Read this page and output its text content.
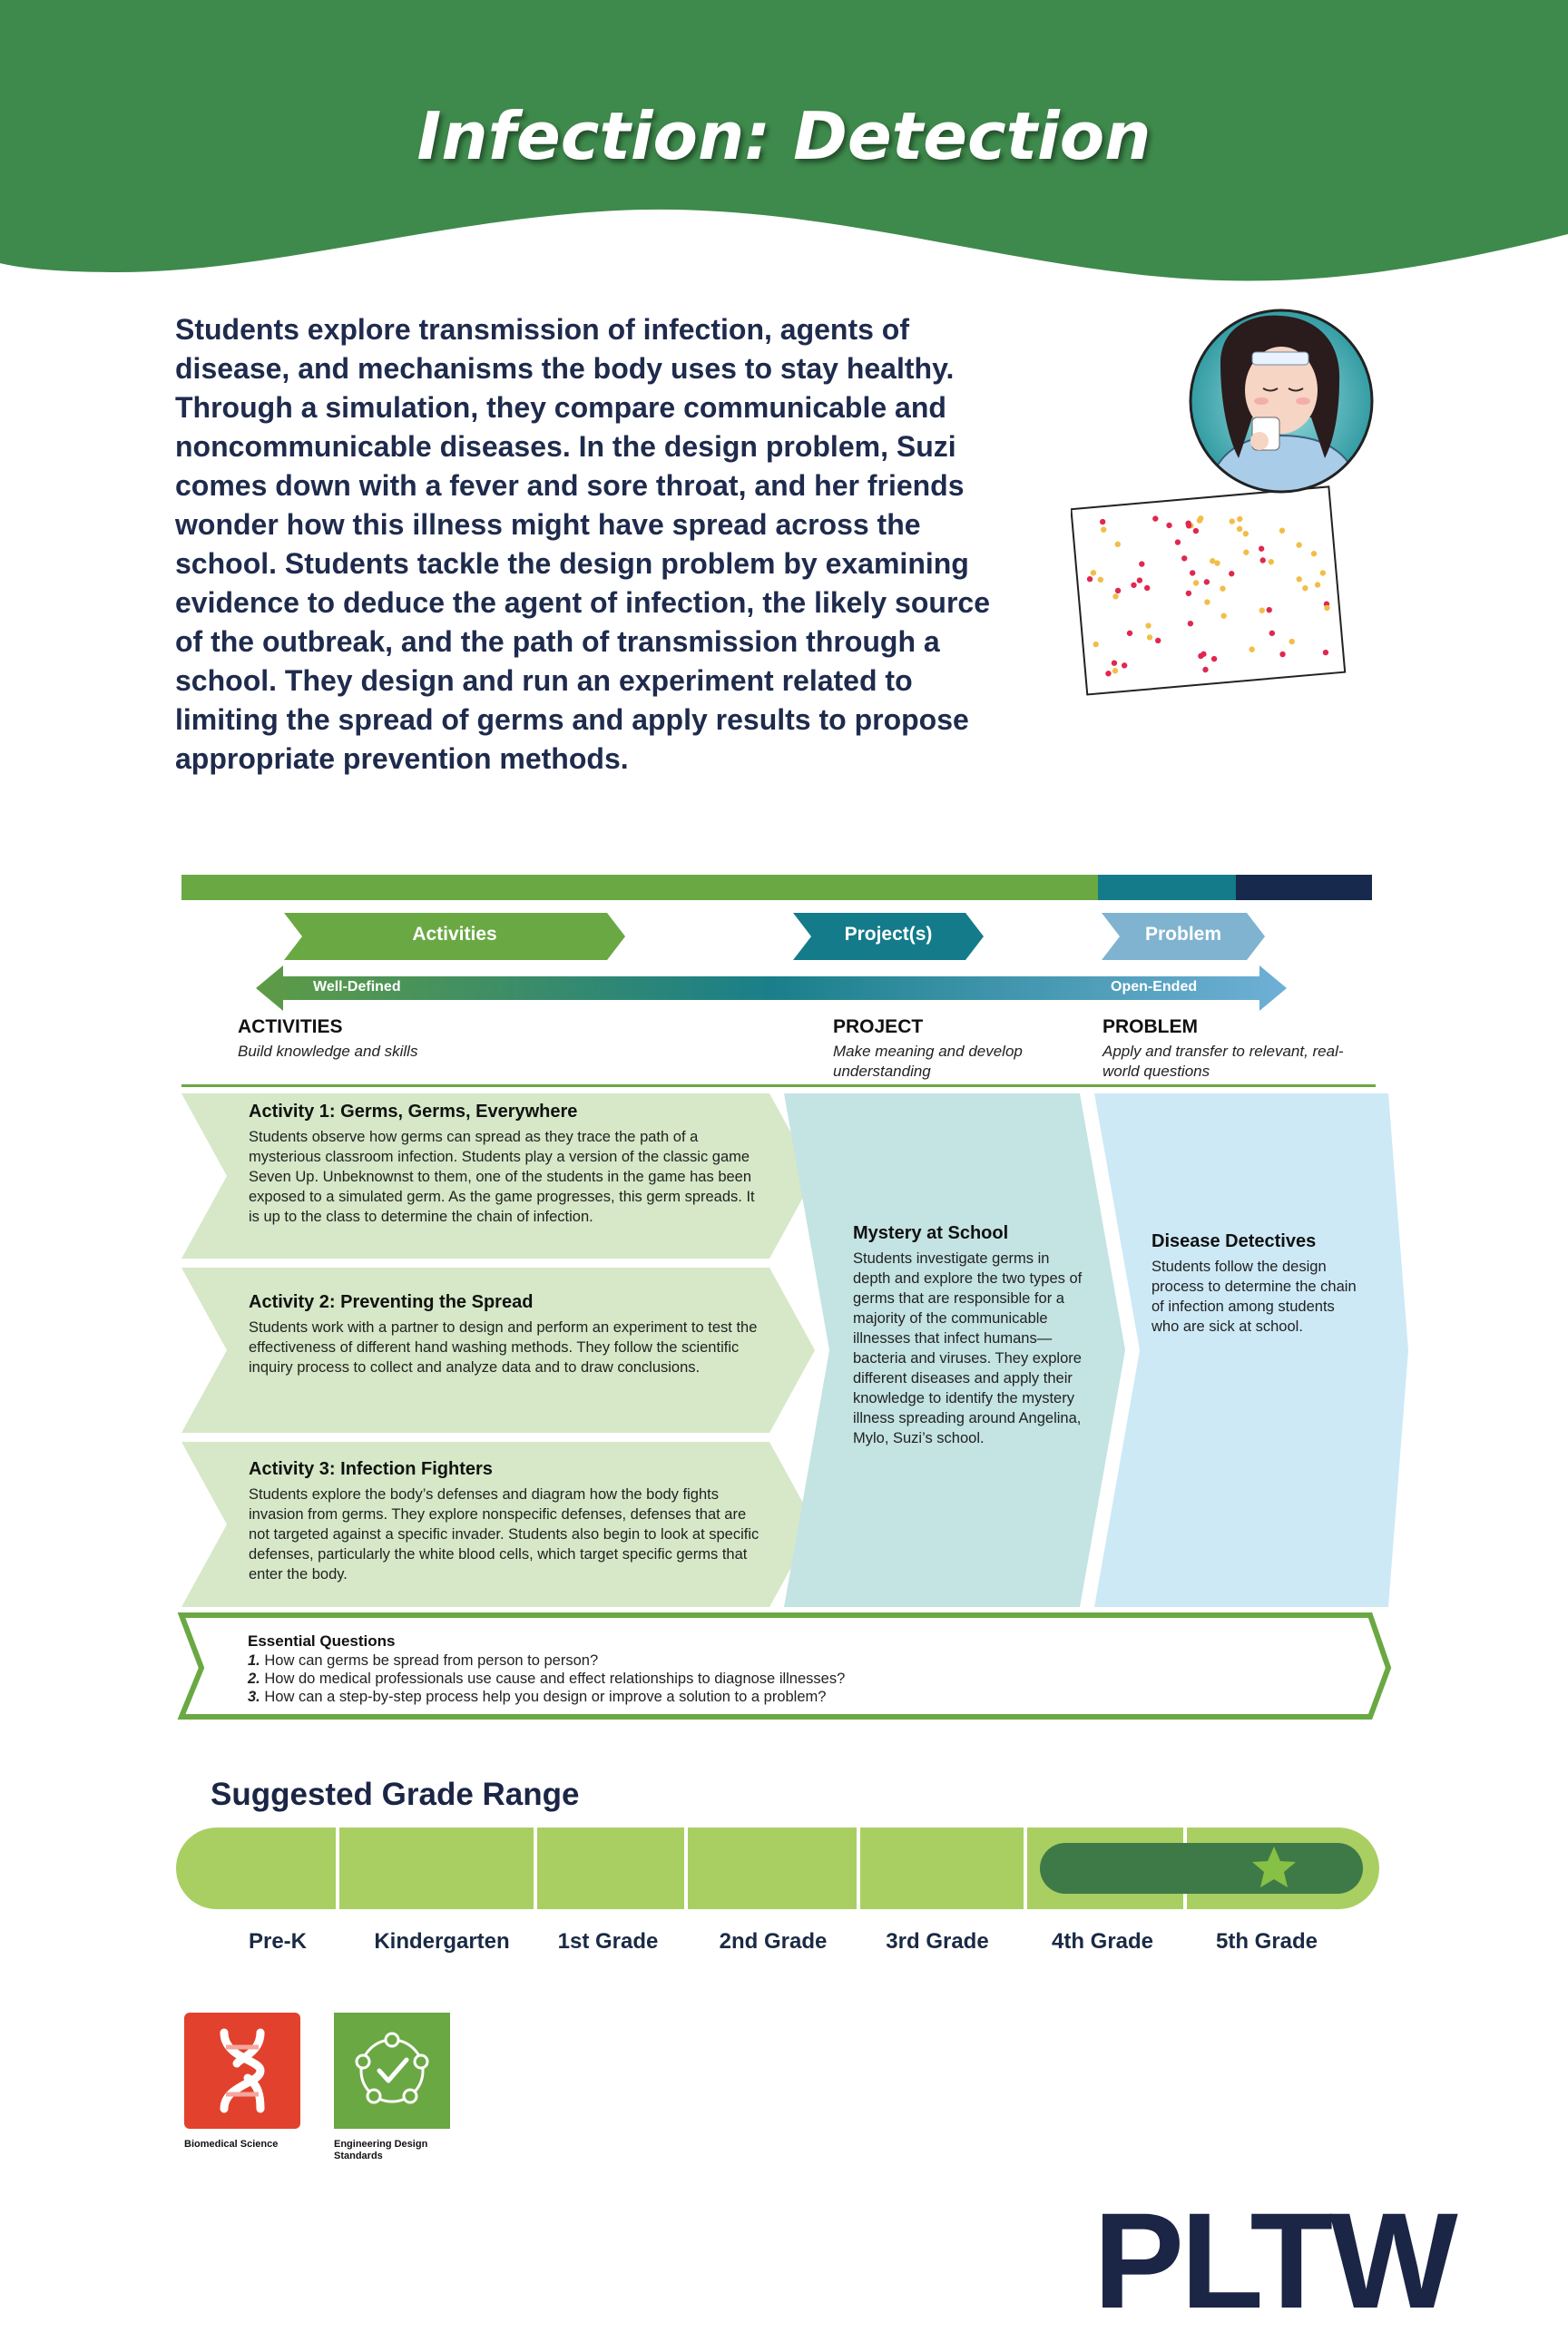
Infection: Detection
Students explore transmission of infection, agents of disease, and mechanisms the body uses to stay healthy. Through a simulation, they compare communicable and noncommunicable diseases. In the design problem, Suzi comes down with a fever and sore throat, and her friends wonder how this illness might have spread across the school. Students tackle the design problem by examining evidence to deduce the agent of infection, the likely source of the outbreak, and the path of transmission through a school. They design and run an experiment related to limiting the spread of germs and apply results to propose appropriate prevention methods.
Activities	Project(s)	Problem
Well-Defined	Open-Ended
ACTIVITIES
Build knowledge and skills
PROJECT
Make meaning and develop understanding
PROBLEM
Apply and transfer to relevant, real-world questions
Activity 1: Germs, Germs, Everywhere
Students observe how germs can spread as they trace the path of a mysterious classroom infection. Students play a version of the classic game Seven Up. Unbeknownst to them, one of the students in the game has been exposed to a simulated germ. As the game progresses, this germ spreads. It is up to the class to determine the chain of infection.
Activity 2: Preventing the Spread
Students work with a partner to design and perform an experiment to test the effectiveness of different hand washing methods. They follow the scientific inquiry process to collect and analyze data and to draw conclusions.
Activity 3: Infection Fighters
Students explore the body’s defenses and diagram how the body fights invasion from germs. They explore nonspecific defenses, defenses that are not targeted against a specific invader. Students also begin to look at specific defenses, particularly the white blood cells, which target specific germs that enter the body.
Mystery at School
Students investigate germs in depth and explore the two types of germs that are responsible for a majority of the communicable illnesses that infect humans—bacteria and viruses. They explore different diseases and apply their knowledge to identify the mystery illness spreading around Angelina, Mylo, Suzi’s school.
Disease Detectives
Students follow the design process to determine the chain of infection among students who are sick at school.
Essential Questions
1. How can germs be spread from person to person?
2. How do medical professionals use cause and effect relationships to diagnose illnesses?
3. How can a step-by-step process help you design or improve a solution to a problem?
Suggested Grade Range
Pre-K	Kindergarten	1st Grade	2nd Grade	3rd Grade	4th Grade	5th Grade
Biomedical Science	Engineering Design Standards
PLTW
